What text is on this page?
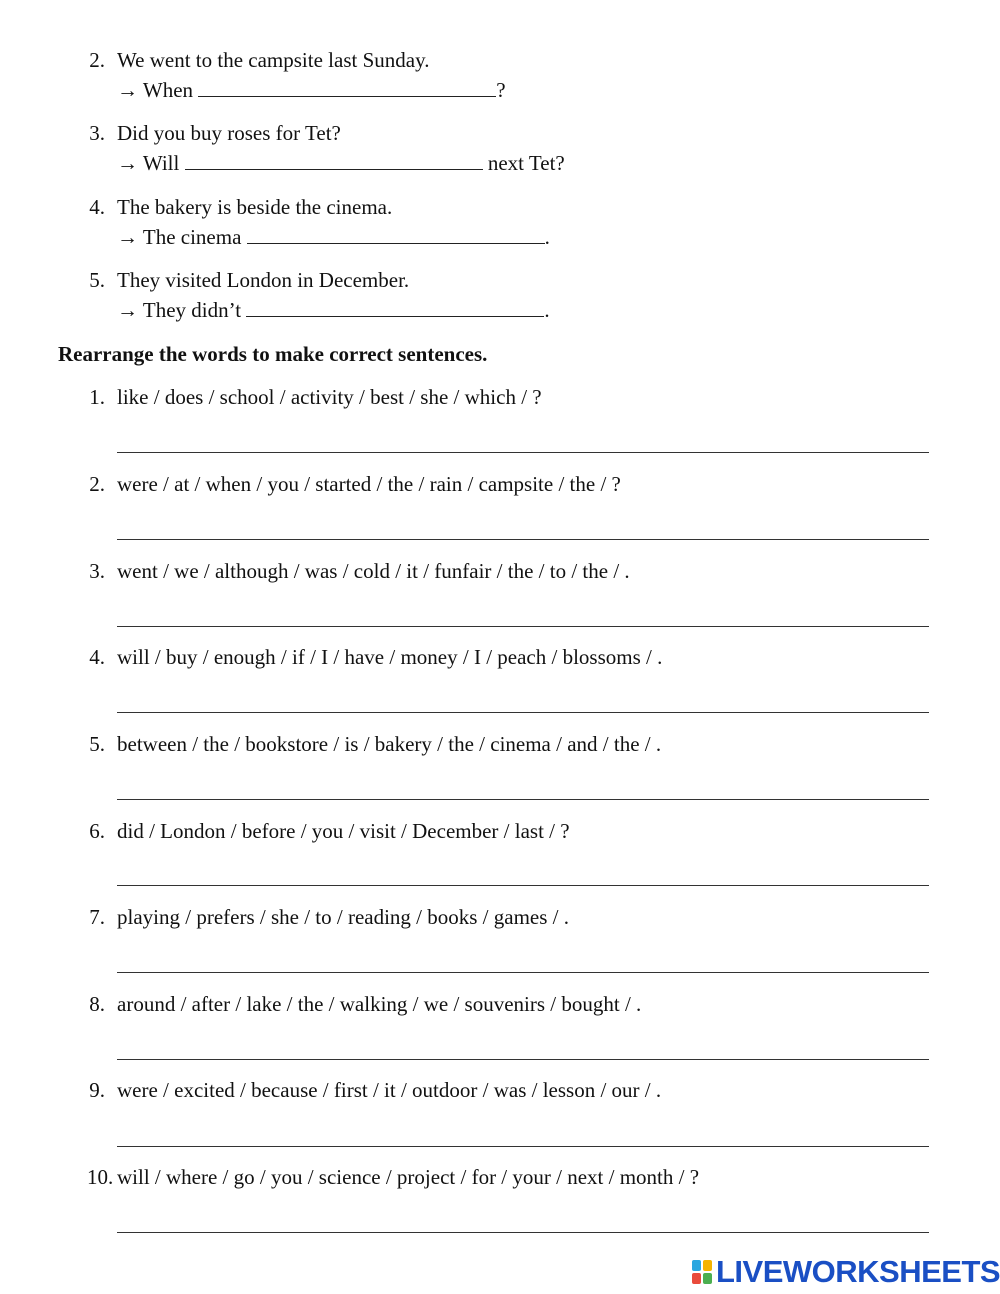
2. We went to the campsite last Sunday.
→ When	?
3. Did you buy roses for Tet?
→ Will	next Tet?
4. The bakery is beside the cinema.
→ The cinema	.
5. They visited London in December.
→ They didn’t	.
Rearrange the words to make correct sentences.
1. like / does / school / activity / best / she / which / ?
2. were / at / when / you / started / the / rain / campsite / the / ?
3. went / we / although / was / cold / it / funfair / the / to / the / .
4. will / buy / enough / if / I / have / money / I / peach / blossoms / .
5. between / the / bookstore / is / bakery / the / cinema / and / the / .
6. did / London / before / you / visit / December / last / ?
7. playing / prefers / she / to / reading / books / games / .
8. around / after / lake / the / walking / we / souvenirs / bought / .
9. were / excited / because / first / it / outdoor / was / lesson / our / .
10. will / where / go / you / science / project / for / your / next / month / ?
LIVEWORKSHEETS
